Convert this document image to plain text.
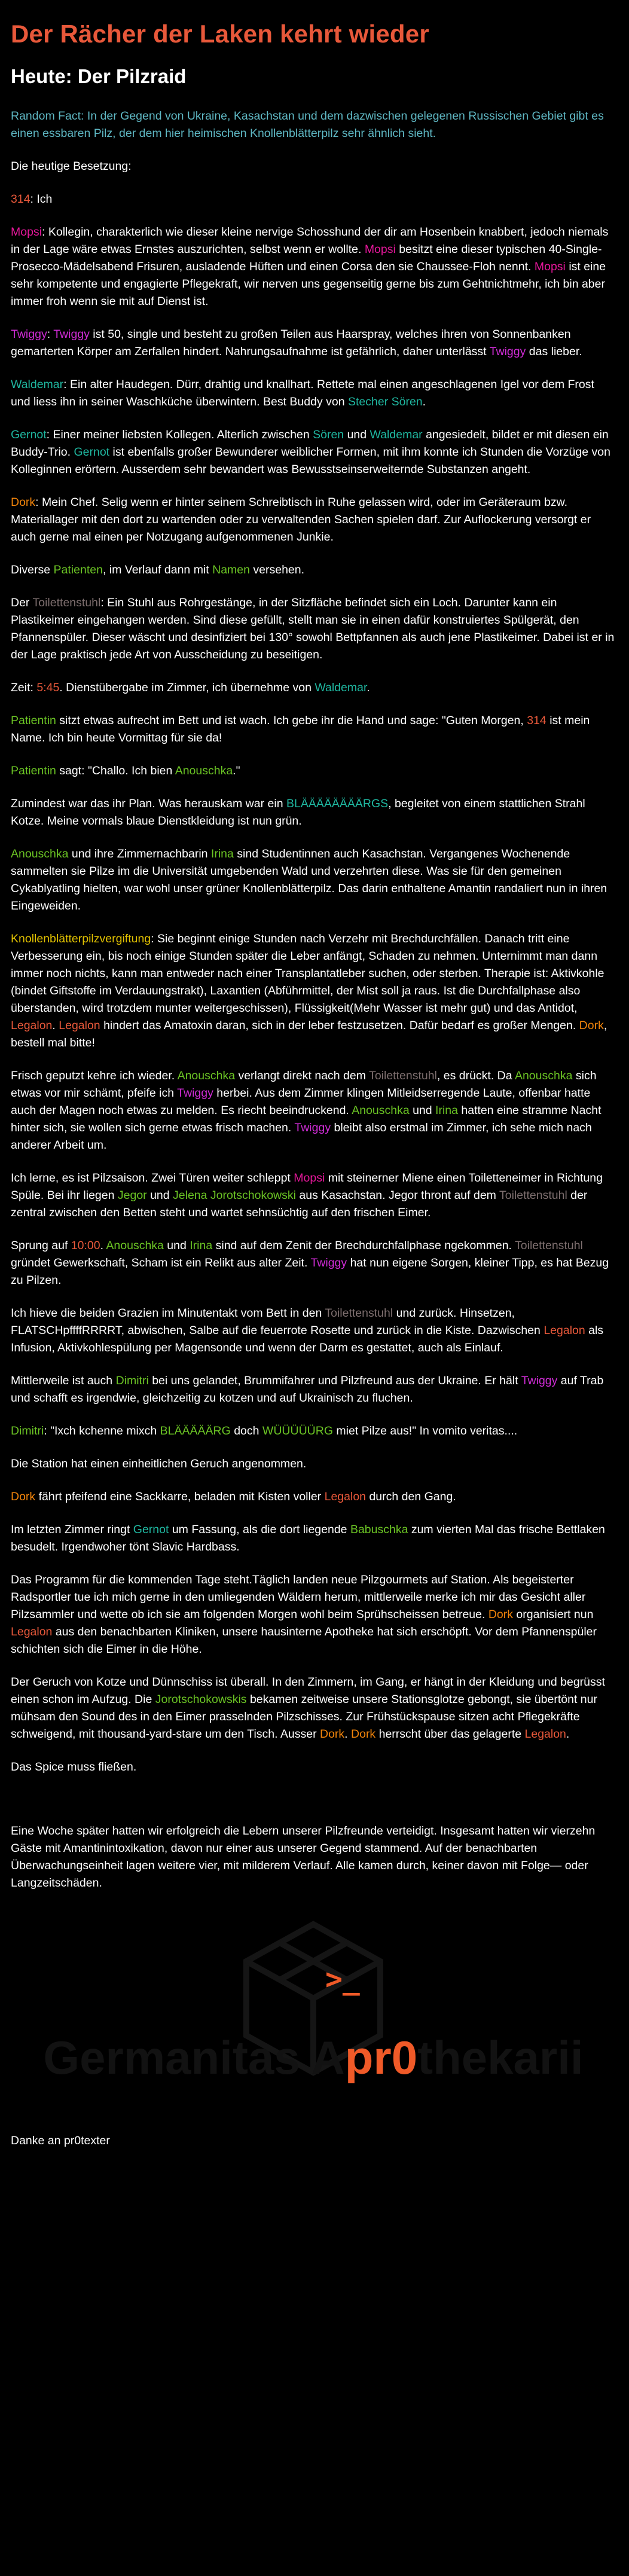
Der Rächer der Laken kehrt wieder
Heute: Der Pilzraid

Random Fact: In der Gegend von Ukraine, Kasachstan und dem dazwischen gelegenen Russischen Gebiet gibt es einen essbaren Pilz, der dem hier heimischen Knollenblätterpilz sehr ähnlich sieht.

Die heutige Besetzung:

314: Ich

Mopsi: Kollegin, charakterlich wie dieser kleine nervige Schosshund der dir am Hosenbein knabbert, jedoch niemals in der Lage wäre etwas Ernstes auszurichten, selbst wenn er wollte. Mopsi besitzt eine dieser typischen 40-Single-Prosecco-Mädelsabend Frisuren, ausladende Hüften und einen Corsa den sie Chaussee-Floh nennt. Mopsi ist eine sehr kompetente und engagierte Pflegekraft, wir nerven uns gegenseitig gerne bis zum Gehtnichtmehr, ich bin aber immer froh wenn sie mit auf Dienst ist.

Twiggy: Twiggy ist 50, single und besteht zu großen Teilen aus Haarspray, welches ihren von Sonnenbanken gemarterten Körper am Zerfallen hindert. Nahrungsaufnahme ist gefährlich, daher unterlässt Twiggy das lieber.

Waldemar: Ein alter Haudegen. Dürr, drahtig und knallhart. Rettete mal einen angeschlagenen Igel vor dem Frost und liess ihn in seiner Waschküche überwintern. Best Buddy von Stecher Sören.

Gernot: Einer meiner liebsten Kollegen. Alterlich zwischen Sören und Waldemar angesiedelt, bildet er mit diesen ein Buddy-Trio. Gernot ist ebenfalls großer Bewunderer weiblicher Formen, mit ihm konnte ich Stunden die Vorzüge von Kolleginnen erörtern. Ausserdem sehr bewandert was Bewusstseinserweiternde Substanzen angeht.

Dork: Mein Chef. Selig wenn er hinter seinem Schreibtisch in Ruhe gelassen wird, oder im Geräteraum bzw. Materiallager mit den dort zu wartenden oder zu verwaltenden Sachen spielen darf. Zur Auflockerung versorgt er auch gerne mal einen per Notzugang aufgenommenen Junkie.

Diverse Patienten, im Verlauf dann mit Namen versehen.

Der Toilettenstuhl: Ein Stuhl aus Rohrgestänge, in der Sitzfläche befindet sich ein Loch. Darunter kann ein Plastikeimer eingehangen werden. Sind diese gefüllt, stellt man sie in einen dafür konstruiertes Spülgerät, den Pfannenspüler. Dieser wäscht und desinfiziert bei 130° sowohl Bettpfannen als auch jene Plastikeimer. Dabei ist er in der Lage praktisch jede Art von Ausscheidung zu beseitigen.

Zeit: 5:45. Dienstübergabe im Zimmer, ich übernehme von Waldemar.

Patientin sitzt etwas aufrecht im Bett und ist wach. Ich gebe ihr die Hand und sage: "Guten Morgen, 314 ist mein Name. Ich bin heute Vormittag für sie da!

Patientin sagt: "Challo. Ich bien Anouschka."

Zumindest war das ihr Plan. Was herauskam war ein BLÄÄÄÄÄÄÄÄRGS, begleitet von einem stattlichen Strahl Kotze. Meine vormals blaue Dienstkleidung ist nun grün.

Anouschka und ihre Zimmernachbarin Irina sind Studentinnen auch Kasachstan. Vergangenes Wochenende sammelten sie Pilze im die Universität umgebenden Wald und verzehrten diese. Was sie für den gemeinen Cykablyatling hielten, war wohl unser grüner Knollenblätterpilz. Das darin enthaltene Amantin randaliert nun in ihren Eingeweiden.

Knollenblätterpilzvergiftung: Sie beginnt einige Stunden nach Verzehr mit Brechdurchfällen. Danach tritt eine Verbesserung ein, bis noch einige Stunden später die Leber anfängt, Schaden zu nehmen. Unternimmt man dann immer noch nichts, kann man entweder nach einer Transplantatleber suchen, oder sterben. Therapie ist: Aktivkohle (bindet Giftstoffe im Verdauungstrakt), Laxantien (Abführmittel, der Mist soll ja raus. Ist die Durchfallphase also überstanden, wird trotzdem munter weitergeschissen), Flüssigkeit(Mehr Wasser ist mehr gut) und das Antidot, Legalon. Legalon hindert das Amatoxin daran, sich in der leber festzusetzen. Dafür bedarf es großer Mengen. Dork, bestell mal bitte!

Frisch geputzt kehre ich wieder. Anouschka verlangt direkt nach dem Toilettenstuhl, es drückt. Da Anouschka sich etwas vor mir schämt, pfeife ich Twiggy herbei. Aus dem Zimmer klingen Mitleidserregende Laute, offenbar hatte auch der Magen noch etwas zu melden. Es riecht beeindruckend. Anouschka und Irina hatten eine stramme Nacht hinter sich, sie wollen sich gerne etwas frisch machen. Twiggy bleibt also erstmal im Zimmer, ich sehe mich nach anderer Arbeit um.

Ich lerne, es ist Pilzsaison. Zwei Türen weiter schleppt Mopsi mit steinerner Miene einen Toiletteneimer in Richtung Spüle. Bei ihr liegen Jegor und Jelena Jorotschokowski aus Kasachstan. Jegor thront auf dem Toilettenstuhl der zentral zwischen den Betten steht und wartet sehnsüchtig auf den frischen Eimer.

Sprung auf 10:00. Anouschka und Irina sind auf dem Zenit der Brechdurchfallphase ngekommen. Toilettenstuhl gründet Gewerkschaft, Scham ist ein Relikt aus alter Zeit. Twiggy hat nun eigene Sorgen, kleiner Tipp, es hat Bezug zu Pilzen.

Ich hieve die beiden Grazien im Minutentakt vom Bett in den Toilettenstuhl und zurück. Hinsetzen, FLATSCHpffffRRRRT, abwischen, Salbe auf die feuerrote Rosette und zurück in die Kiste. Dazwischen Legalon als Infusion, Aktivkohlespülung per Magensonde und wenn der Darm es gestattet, auch als Einlauf.

Mittlerweile ist auch Dimitri bei uns gelandet, Brummifahrer und Pilzfreund aus der Ukraine. Er hält Twiggy auf Trab und schafft es irgendwie, gleichzeitig zu kotzen und auf Ukrainisch zu fluchen.

Dimitri: "Ixch kchenne mixch BLÄÄÄÄÄRG doch WÜÜÜÜÜRG miet Pilze aus!" In vomito veritas....

Die Station hat einen einheitlichen Geruch angenommen.

Dork fährt pfeifend eine Sackkarre, beladen mit Kisten voller Legalon durch den Gang.

Im letzten Zimmer ringt Gernot um Fassung, als die dort liegende Babuschka zum vierten Mal das frische Bettlaken besudelt. Irgendwoher tönt Slavic Hardbass.

Das Programm für die kommenden Tage steht.Täglich landen neue Pilzgourmets auf Station. Als begeisterter Radsportler tue ich mich gerne in den umliegenden Wäldern herum, mittlerweile merke ich mir das Gesicht aller Pilzsammler und wette ob ich sie am folgenden Morgen wohl beim Sprühscheissen betreue. Dork organisiert nun Legalon aus den benachbarten Kliniken, unsere hausinterne Apotheke hat sich erschöpft. Vor dem Pfannenspüler schichten sich die Eimer in die Höhe.

Der Geruch von Kotze und Dünnschiss ist überall. In den Zimmern, im Gang, er hängt in der Kleidung und begrüsst einen schon im Aufzug. Die Jorotschokowskis bekamen zeitweise unsere Stationsglotze gebongt, sie übertönt nur mühsam den Sound des in den Eimer prasselnden Pilzschisses. Zur Frühstückspause sitzen acht Pflegekräfte schweigend, mit thousand-yard-stare um den Tisch. Ausser Dork. Dork herrscht über das gelagerte Legalon.

Das Spice muss fließen.

Eine Woche später hatten wir erfolgreich die Lebern unserer Pilzfreunde verteidigt. Insgesamt hatten wir vierzehn Gäste mit Amantinintoxikation, davon nur einer aus unserer Gegend stammend. Auf der benachbarten Überwachungseinheit lagen weitere vier, mit milderem Verlauf. Alle kamen durch, keiner davon mit Folge— oder Langzeitschäden.

>_
Germanitas Apr0thekarii

Danke an pr0texter
